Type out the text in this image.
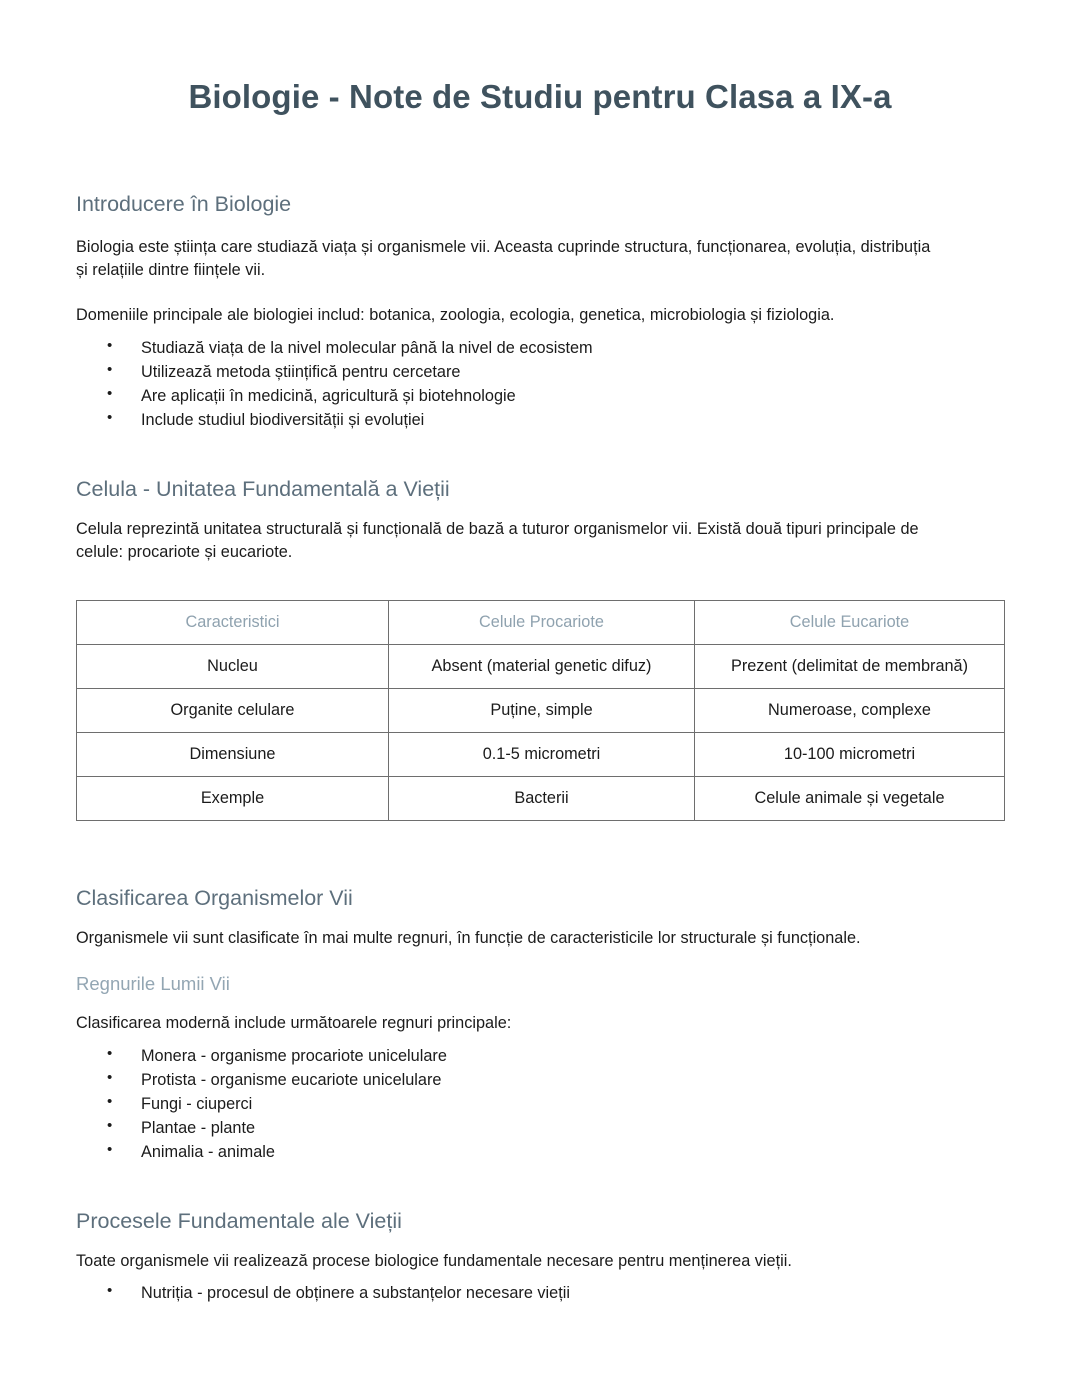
Biologie - Note de Studiu pentru Clasa a IX-a
Introducere în Biologie

Biologia este știința care studiază viața și organismele vii. Aceasta cuprinde structura, funcționarea, evoluția, distribuția și relațiile dintre ființele vii.

Domeniile principale ale biologiei includ: botanica, zoologia, ecologia, genetica, microbiologia și fiziologia.

• Studiază viața de la nivel molecular până la nivel de ecosistem
• Utilizează metoda științifică pentru cercetare
• Are aplicații în medicină, agricultură și biotehnologie
• Include studiul biodiversității și evoluției
Celula - Unitatea Fundamentală a Vieții

Celula reprezintă unitatea structurală și funcțională de bază a tuturor organismelor vii. Există două tipuri principale de celule: procariote și eucariote.

Caracteristici	Celule Procariote	Celule Eucariote
Nucleu	Absent (material genetic difuz)	Prezent (delimitat de membrană)
Organite celulare	Puține, simple	Numeroase, complexe
Dimensiune	0.1-5 micrometri	10-100 micrometri
Exemple	Bacterii	Celule animale și vegetale
Clasificarea Organismelor Vii

Organismele vii sunt clasificate în mai multe regnuri, în funcție de caracteristicile lor structurale și funcționale.

Regnurile Lumii Vii

Clasificarea modernă include următoarele regnuri principale:

• Monera - organisme procariote unicelulare
• Protista - organisme eucariote unicelulare
• Fungi - ciuperci
• Plantae - plante
• Animalia - animale
Procesele Fundamentale ale Vieții

Toate organismele vii realizează procese biologice fundamentale necesare pentru menținerea vieții.

• Nutriția - procesul de obținere a substanțelor necesare vieții
